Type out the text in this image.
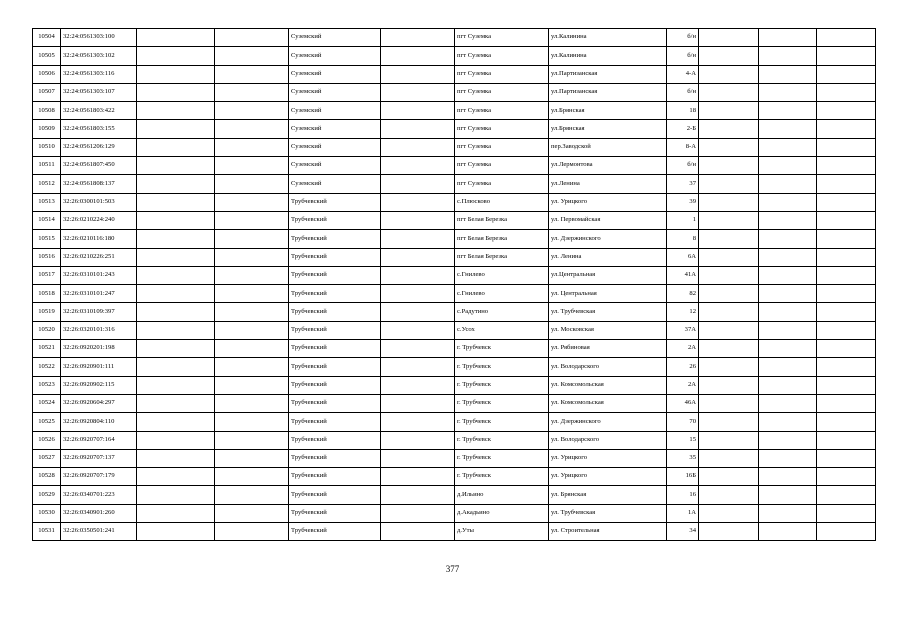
10504	32:24:0561303:100			Суземский		пгт Суземка	ул.Калинина	б/н			
10505	32:24:0561303:102			Суземский		пгт Суземка	ул.Калинина	б/н			
10506	32:24:0561303:116			Суземский		пгт Суземка	ул.Партизанская	4-А			
10507	32:24:0561303:107			Суземский		пгт Суземка	ул.Партизанская	б/н			
10508	32:24:0561803:422			Суземский		пгт Суземка	ул.Брянская	18			
10509	32:24:0561803:155			Суземский		пгт Суземка	ул.Брянская	2-Б			
10510	32:24:0561206:129			Суземский		пгт Суземка	пер.Заводской	8-А			
10511	32:24:0561807:450			Суземский		пгт Суземка	ул.Лермонтова	б/н			
10512	32:24:0561808:137			Суземский		пгт Суземка	ул.Ленина	37			
10513	32:26:0300101:503			Трубчевский		с.Плюсково	ул. Урицкого	39			
10514	32:26:0210224:240			Трубчевский		пгт Белая Березка	ул. Первомайская	1			
10515	32:26:0210116:180			Трубчевский		пгт Белая Березка	ул. Дзержинского	8			
10516	32:26:0210226:251			Трубчевский		пгт Белая Березка	ул. Ленина	6А			
10517	32:26:0310101:243			Трубчевский		с.Гнилево	ул.Центральная	41А			
10518	32:26:0310101:247			Трубчевский		с.Гнилево	ул. Центральная	82			
10519	32:26:0310109:397			Трубчевский		с.Радутино	ул. Трубчевская	12			
10520	32:26:0320101:316			Трубчевский		с.Усох	ул. Московская	37А			
10521	32:26:0920201:198			Трубчевский		г. Трубчевск	ул. Рябиновая	2А			
10522	32:26:0920901:111			Трубчевский		г. Трубчевск	ул. Володарского	26			
10523	32:26:0920902:115			Трубчевский		г. Трубчевск	ул. Комсомольская	2А			
10524	32:26:0920604:297			Трубчевский		г. Трубчевск	ул. Комсомольская	46А			
10525	32:26:0920804:110			Трубчевский		г. Трубчевск	ул. Дзержинского	70			
10526	32:26:0920707:164			Трубчевский		г. Трубчевск	ул. Володарского	15			
10527	32:26:0920707:137			Трубчевский		г. Трубчевск	ул. Урицкого	35			
10528	32:26:0920707:179			Трубчевский		г. Трубчевск	ул. Урицкого	16Б			
10529	32:26:0340701:223			Трубчевский		д.Ильино	ул. Брянская	16			
10530	32:26:0340901:260			Трубчевский		д.Акадьино	ул. Трубчевская	1А			
10531	32:26:0350501:241			Трубчевский		д.Уты	ул. Строительная	34			
377
